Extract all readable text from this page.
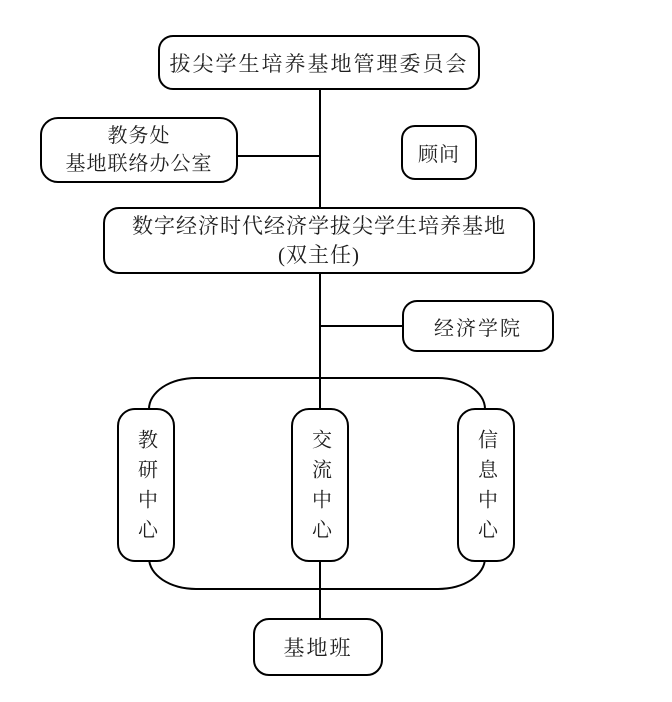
拔尖学生培养基地管理委员会
教务处
基地联络办公室	顾问
数字经济时代经济学拔尖学生培养基地
(双主任)
经济学院
教研中心	交流中心	信息中心
基地班
